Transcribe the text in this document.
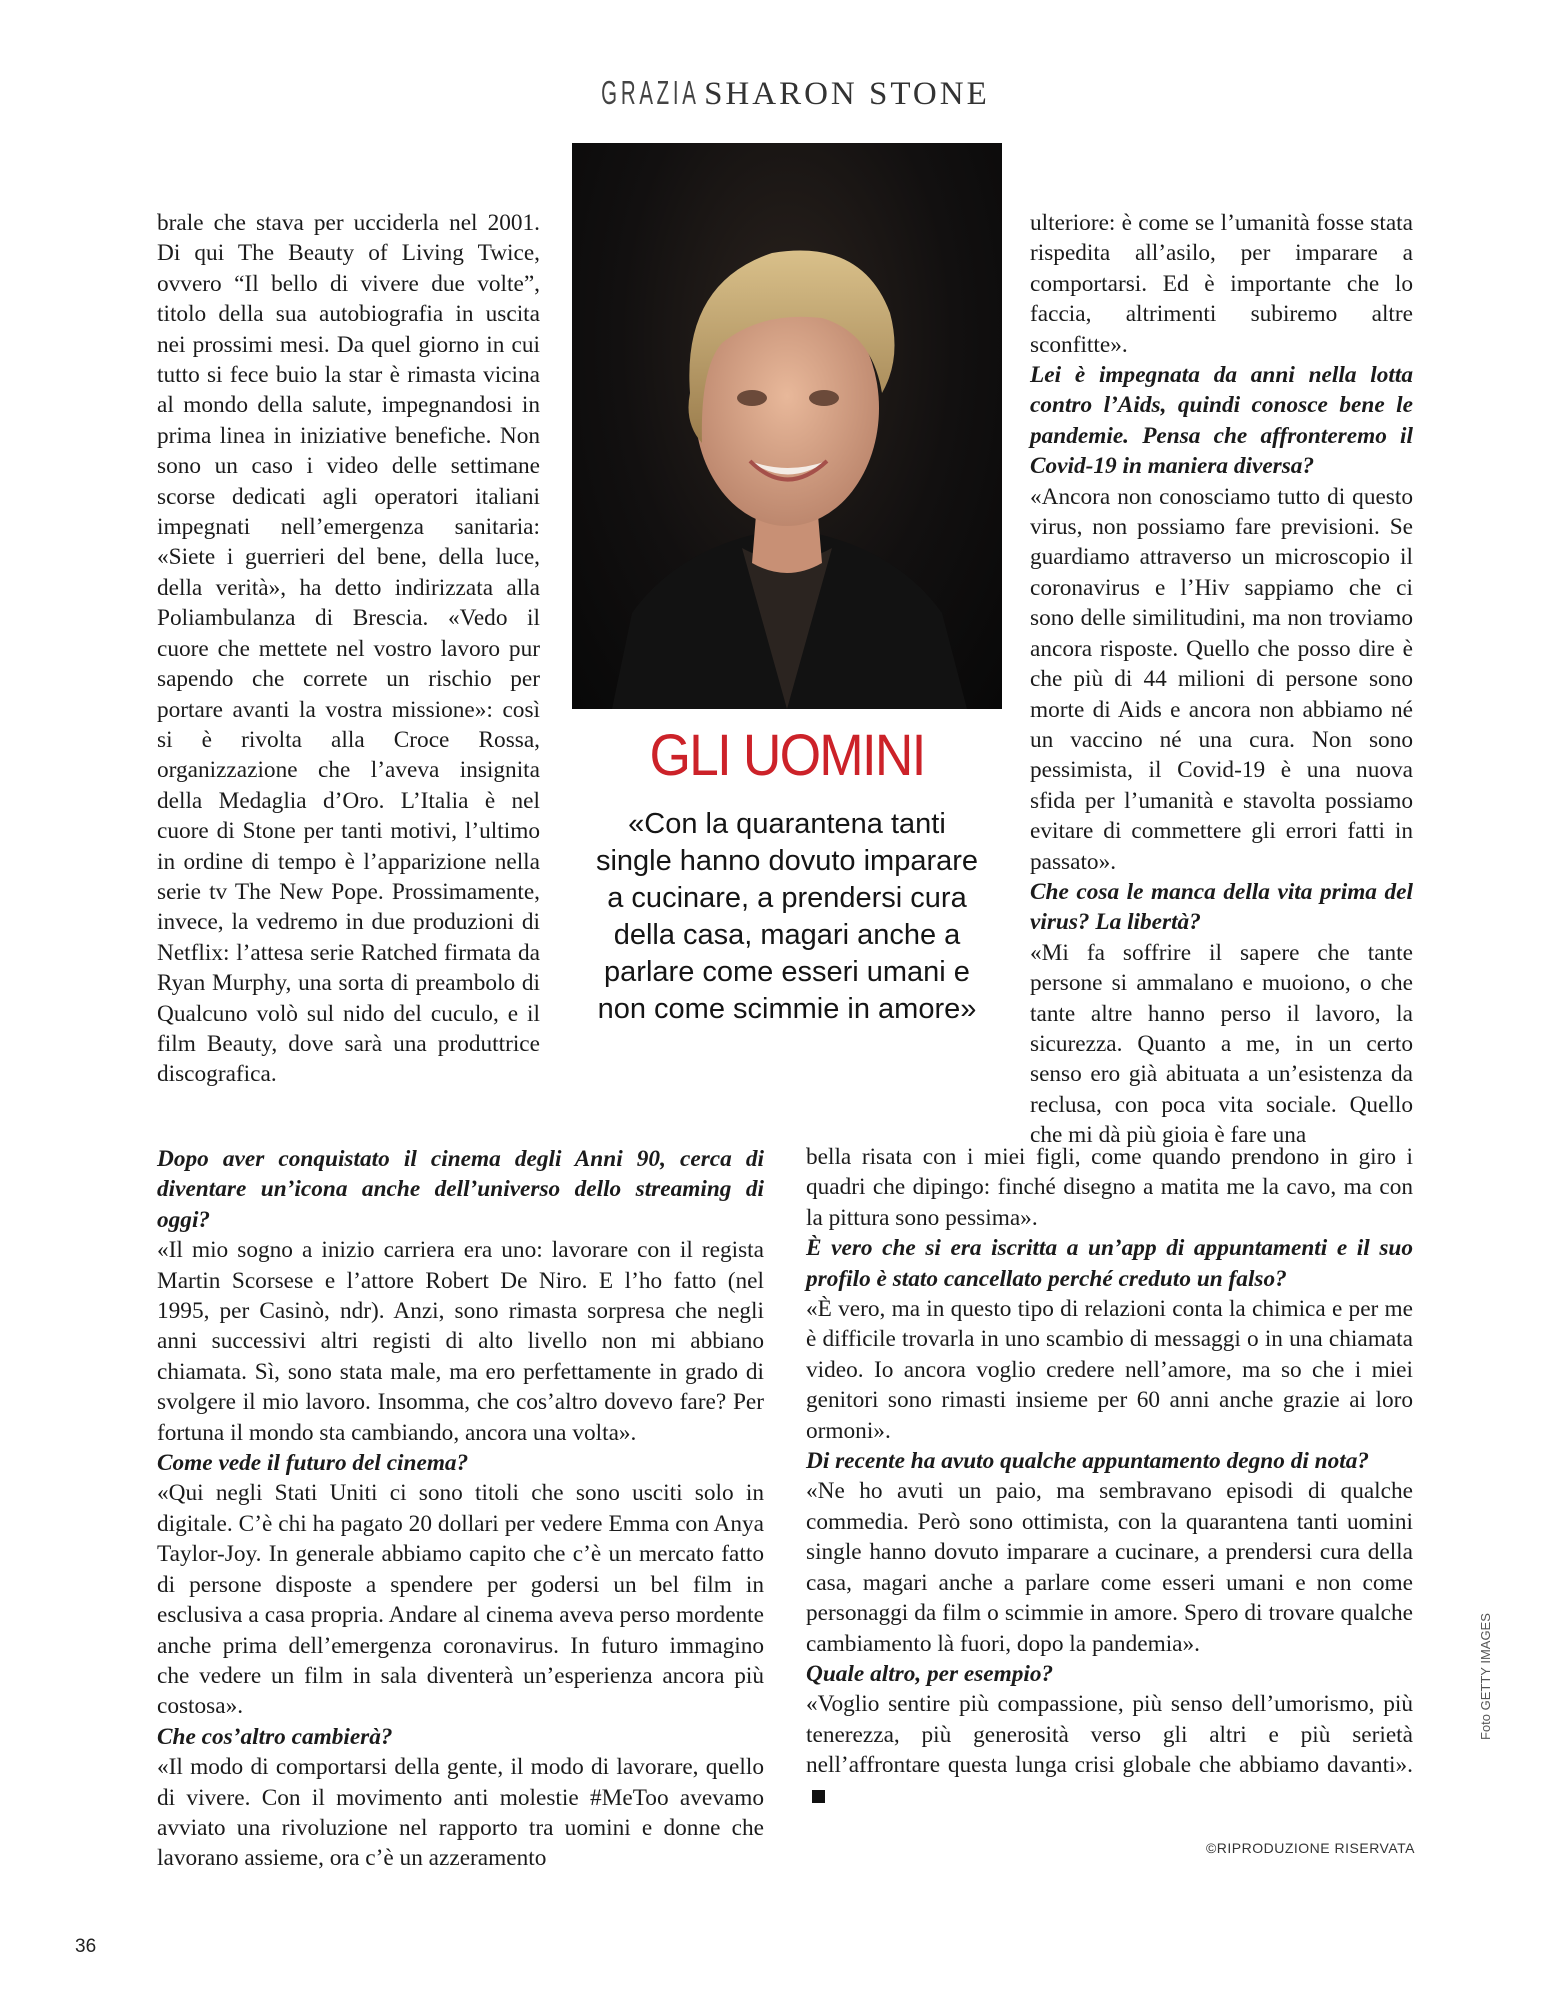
GRAZIA SHARON STONE

brale che stava per ucciderla nel 2001. Di qui The Beauty of Living Twice, ovvero “Il bello di vivere due volte”, titolo della sua autobiografia in uscita nei prossimi mesi. Da quel giorno in cui tutto si fece buio la star è rimasta vicina al mondo della salute, impegnandosi in prima linea in iniziative benefiche. Non sono un caso i video delle settimane scorse dedicati agli operatori italiani impegnati nell’emergenza sanitaria: «Siete i guerrieri del bene, della luce, della verità», ha detto indirizzata alla Poliambulanza di Brescia. «Vedo il cuore che mettete nel vostro lavoro pur sapendo che correte un rischio per portare avanti la vostra missione»: così si è rivolta alla Croce Rossa, organizzazione che l’aveva insignita della Medaglia d’Oro. L’Italia è nel cuore di Stone per tanti motivi, l’ultimo in ordine di tempo è l’apparizione nella serie tv The New Pope. Prossimamente, invece, la vedremo in due produzioni di Netflix: l’attesa serie Ratched firmata da Ryan Murphy, una sorta di preambolo di Qualcuno volò sul nido del cuculo, e il film Beauty, dove sarà una produttrice discografica.

GLI UOMINI
«Con la quarantena tanti single hanno dovuto imparare a cucinare, a prendersi cura della casa, magari anche a parlare come esseri umani e non come scimmie in amore»

ulteriore: è come se l’umanità fosse stata rispedita all’asilo, per imparare a comportarsi. Ed è importante che lo faccia, altrimenti subiremo altre sconfitte».

Lei è impegnata da anni nella lotta contro l’Aids, quindi conosce bene le pandemie. Pensa che affronteremo il Covid-19 in maniera diversa?

«Ancora non conosciamo tutto di questo virus, non possiamo fare previsioni. Se guardiamo attraverso un microscopio il coronavirus e l’Hiv sappiamo che ci sono delle similitudini, ma non troviamo ancora risposte. Quello che posso dire è che più di 44 milioni di persone sono morte di Aids e ancora non abbiamo né un vaccino né una cura. Non sono pessimista, il Covid-19 è una nuova sfida per l’umanità e stavolta possiamo evitare di commettere gli errori fatti in passato».

Che cosa le manca della vita prima del virus? La libertà?

«Mi fa soffrire il sapere che tante persone si ammalano e muoiono, o che tante altre hanno perso il lavoro, la sicurezza. Quanto a me, in un certo senso ero già abituata a un’esistenza da reclusa, con poca vita sociale. Quello che mi dà più gioia è fare una

Dopo aver conquistato il cinema degli Anni 90, cerca di diventare un’icona anche dell’universo dello streaming di oggi?

«Il mio sogno a inizio carriera era uno: lavorare con il regista Martin Scorsese e l’attore Robert De Niro. E l’ho fatto (nel 1995, per Casinò, ndr). Anzi, sono rimasta sorpresa che negli anni successivi altri registi di alto livello non mi abbiano chiamata. Sì, sono stata male, ma ero perfettamente in grado di svolgere il mio lavoro. Insomma, che cos’altro dovevo fare? Per fortuna il mondo sta cambiando, ancora una volta».

Come vede il futuro del cinema?

«Qui negli Stati Uniti ci sono titoli che sono usciti solo in digitale. C’è chi ha pagato 20 dollari per vedere Emma con Anya Taylor-Joy. In generale abbiamo capito che c’è un mercato fatto di persone disposte a spendere per godersi un bel film in esclusiva a casa propria. Andare al cinema aveva perso mordente anche prima dell’emergenza coronavirus. In futuro immagino che vedere un film in sala diventerà un’esperienza ancora più costosa».

Che cos’altro cambierà?

«Il modo di comportarsi della gente, il modo di lavorare, quello di vivere. Con il movimento anti molestie #MeToo avevamo avviato una rivoluzione nel rapporto tra uomini e donne che lavorano assieme, ora c’è un azzeramento

bella risata con i miei figli, come quando prendono in giro i quadri che dipingo: finché disegno a matita me la cavo, ma con la pittura sono pessima».

È vero che si era iscritta a un’app di appuntamenti e il suo profilo è stato cancellato perché creduto un falso?

«È vero, ma in questo tipo di relazioni conta la chimica e per me è difficile trovarla in uno scambio di messaggi o in una chiamata video. Io ancora voglio credere nell’amore, ma so che i miei genitori sono rimasti insieme per 60 anni anche grazie ai loro ormoni».

Di recente ha avuto qualche appuntamento degno di nota?

«Ne ho avuti un paio, ma sembravano episodi di qualche commedia. Però sono ottimista, con la quarantena tanti uomini single hanno dovuto imparare a cucinare, a prendersi cura della casa, magari anche a parlare come esseri umani e non come personaggi da film o scimmie in amore. Spero di trovare qualche cambiamento là fuori, dopo la pandemia».

Quale altro, per esempio?

«Voglio sentire più compassione, più senso dell’umorismo, più tenerezza, più generosità verso gli altri e più serietà nell’affrontare questa lunga crisi globale che abbiamo davanti».

©RIPRODUZIONE RISERVATA
Foto GETTY IMAGES
36
